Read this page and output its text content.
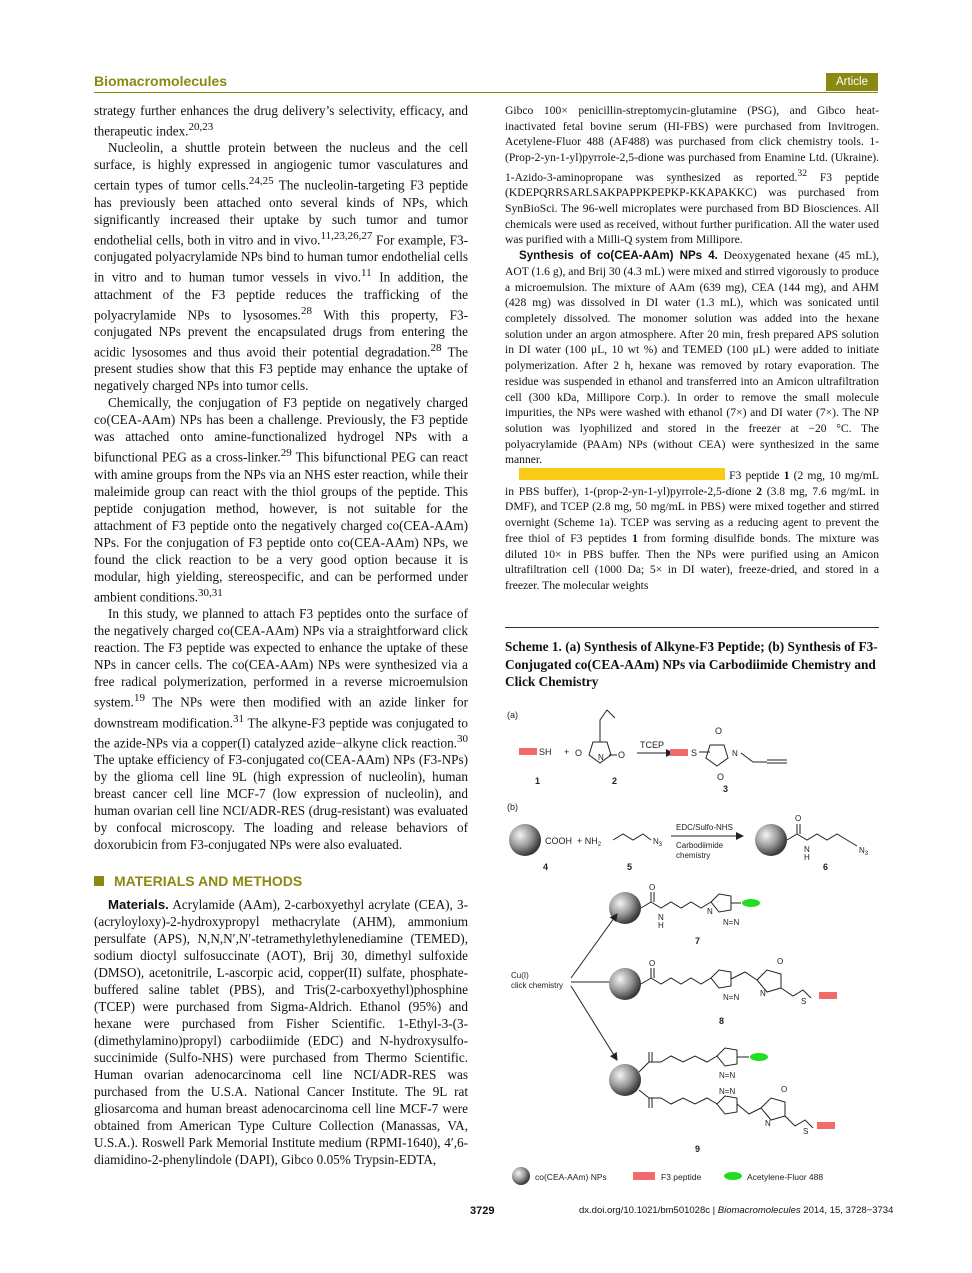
Biomacromolecules	Article

strategy further enhances the drug delivery’s selectivity, efficacy, and therapeutic index.$^{20,23}$

Nucleolin, a shuttle protein between the nucleus and the cell surface, is highly expressed in angiogenic tumor vasculatures and certain types of tumor cells.$^{24,25}$ The nucleolin-targeting F3 peptide has previously been attached onto several kinds of NPs, which significantly increased their uptake by such tumor and tumor endothelial cells, both in vitro and in vivo.$^{11,23,26,27}$ For example, F3-conjugated polyacrylamide NPs bind to human tumor endothelial cells in vitro and to human tumor vessels in vivo.$^{11}$ In addition, the attachment of the F3 peptide reduces the trafficking of the polyacrylamide NPs to lysosomes.$^{28}$ With this property, F3-conjugated NPs prevent the encapsulated drugs from entering the acidic lysosomes and thus avoid their potential degradation.$^{28}$ The present studies show that this F3 peptide may enhance the uptake of negatively charged NPs into tumor cells.

Chemically, the conjugation of F3 peptide on negatively charged co(CEA-AAm) NPs has been a challenge. Previously, the F3 peptide was attached onto amine-functionalized hydrogel NPs with a bifunctional PEG as a cross-linker.$^{29}$ This bifunctional PEG can react with amine groups from the NPs via an NHS ester reaction, while their maleimide group can react with the thiol groups of the peptide. This peptide conjugation method, however, is not suitable for the attachment of F3 peptide onto the negatively charged co(CEA-AAm) NPs. For the conjugation of F3 peptide onto co(CEA-AAm) NPs, we found the click reaction to be a very good option because it is modular, high yielding, stereospecific, and can be performed under ambient conditions.$^{30,31}$

In this study, we planned to attach F3 peptides onto the surface of the negatively charged co(CEA-AAm) NPs via a straightforward click reaction. The F3 peptide was expected to enhance the uptake of these NPs in cancer cells. The co(CEA-AAm) NPs were synthesized via a free radical polymerization, performed in a reverse microemulsion system.$^{19}$ The NPs were then modified with an azide linker for downstream modification.$^{31}$ The alkyne-F3 peptide was conjugated to the azide-NPs via a copper(I) catalyzed azide−alkyne click reaction.$^{30}$ The uptake efficiency of F3-conjugated co(CEA-AAm) NPs (F3-NPs) by the glioma cell line 9L (high expression of nucleolin), human breast cancer cell line MCF-7 (low expression of nucleolin), and human ovarian cell line NCI/ADR-RES (drug-resistant) was evaluated by confocal microscopy. The loading and release behaviors of doxorubicin from F3-conjugated NPs were also evaluated.

MATERIALS AND METHODS

Materials. Acrylamide (AAm), 2-carboxyethyl acrylate (CEA), 3-(acryloyloxy)-2-hydroxypropyl methacrylate (AHM), ammonium persulfate (APS), N,N,N′,N′-tetramethylethylenediamine (TEMED), sodium dioctyl sulfosuccinate (AOT), Brij 30, dimethyl sulfoxide (DMSO), acetonitrile, L-ascorpic acid, copper(II) sulfate, phosphate-buffered saline tablet (PBS), and Tris(2-carboxyethyl)phosphine (TCEP) were purchased from Sigma-Aldrich. Ethanol (95%) and hexane were purchased from Fisher Scientific. 1-Ethyl-3-(3-(dimethylamino)propyl) carbodiimide (EDC) and N-hydroxysulfo-succinimide (Sulfo-NHS) were purchased from Thermo Scientific. Human ovarian adenocarcinoma cell line NCI/ADR-RES was purchased from the U.S.A. National Cancer Institute. The 9L rat gliosarcoma and human breast adenocarcinoma cell line MCF-7 were obtained from American Type Culture Collection (Manassas, VA, U.S.A.). Roswell Park Memorial Institute medium (RPMI-1640), 4′,6-diamidino-2-phenylindole (DAPI), Gibco 0.05% Trypsin-EDTA,

Gibco 100× penicillin-streptomycin-glutamine (PSG), and Gibco heat-inactivated fetal bovine serum (HI-FBS) were purchased from Invitrogen. Acetylene-Fluor 488 (AF488) was purchased from click chemistry tools. 1-(Prop-2-yn-1-yl)pyrrole-2,5-dione was purchased from Enamine Ltd. (Ukraine). 1-Azido-3-aminopropane was synthesized as reported.$^{32}$ F3 peptide (KDEPQRRSARLSAKPAPPKPEPKP-KKAPAKKC) was purchased from SynBioSci. The 96-well microplates were purchased from BD Biosciences. All chemicals were used as received, without further purification. All the water used was purified with a Milli-Q system from Millipore.

Synthesis of co(CEA-AAm) NPs 4. Deoxygenated hexane (45 mL), AOT (1.6 g), and Brij 30 (4.3 mL) were mixed and stirred vigorously to produce a microemulsion. The mixture of AAm (639 mg), CEA (144 mg), and AHM (428 mg) was dissolved in DI water (1.3 mL), which was sonicated until completely dissolved. The monomer solution was added into the hexane solution under an argon atmosphere. After 20 min, fresh prepared APS solution in DI water (100 μL, 10 wt %) and TEMED (100 μL) were added to initiate polymerization. After 2 h, hexane was removed by rotary evaporation. The residue was suspended in ethanol and transferred into an Amicon ultrafiltration cell (300 kDa, Millipore Corp.). In order to remove the small molecule impurities, the NPs were washed with ethanol (7×) and DI water (7×). The NP solution was lyophilized and stored in the freezer at −20 °C. The polyacrylamide (PAAm) NPs (without CEA) were synthesized in the same manner.

F3 peptide 1 (2 mg, 10 mg/mL in PBS buffer), 1-(prop-2-yn-1-yl)pyrrole-2,5-dione 2 (3.8 mg, 7.6 mg/mL in DMF), and TCEP (2.8 mg, 50 mg/mL in PBS) were mixed together and stirred overnight (Scheme 1a). TCEP was serving as a reducing agent to prevent the free thiol of F3 peptides 1 from forming disulfide bonds. The mixture was diluted 10× in PBS buffer. Then the NPs were purified using an Amicon ultrafiltration cell (1000 Da; 5× in DI water), freeze-dried, and stored in a freezer. The molecular weights

Scheme 1. (a) Synthesis of Alkyne-F3 Peptide; (b) Synthesis of F3-Conjugated co(CEA-AAm) NPs via Carbodiimide Chemistry and Click Chemistry
(a)
SH + O N O
TCEP
S
O
O
N
1	2
3
(b)
COOH + $NH_2$	$N_3$
EDC/Sulfo-NHS
Carbodiimide
chemistry
O
N
H
$N_3$
4	5	6
O
N
H
N
N=N
7
Cu(I)
click chemistry
O
N=N
O
N
S
8
N=N
N=N	O
N
S
9
co(CEA-AAm) NPs	F3 peptide	Acetylene-Fluor 488
3729	dx.doi.org/10.1021/bm501028c | Biomacromolecules 2014, 15, 3728−3734
